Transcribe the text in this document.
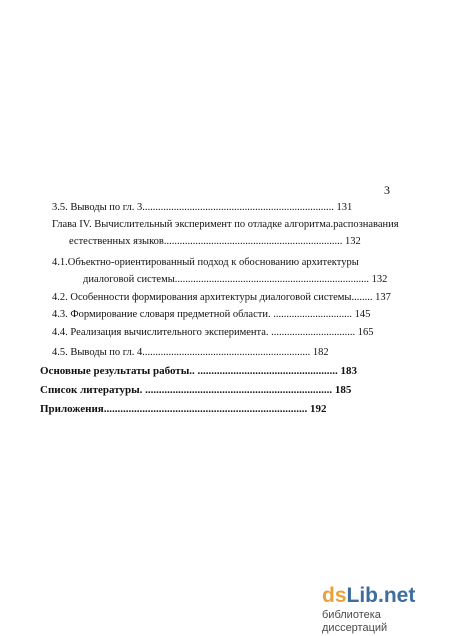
3
3.5. Выводы по гл. 3......................................................................... 131
Глава IV. Вычислительный эксперимент по отладке алгоритма.распознавания
естественных языков.................................................................... 132
4.1.Объектно-ориентированный подход к обоснованию архитектуры
диалоговой системы.......................................................................... 132
4.2. Особенности формирования архитектуры диалоговой системы........ 137
4.3. Формирование словаря предметной области. .............................. 145
4.4. Реализация вычислительного эксперимента. ................................ 165
4.5. Выводы по гл. 4................................................................ 182
Основные результаты работы.. ................................................... 183
Список литературы. .................................................................... 185
Приложения.......................................................................... 192
dsLib.net
библиотека диссертаций
